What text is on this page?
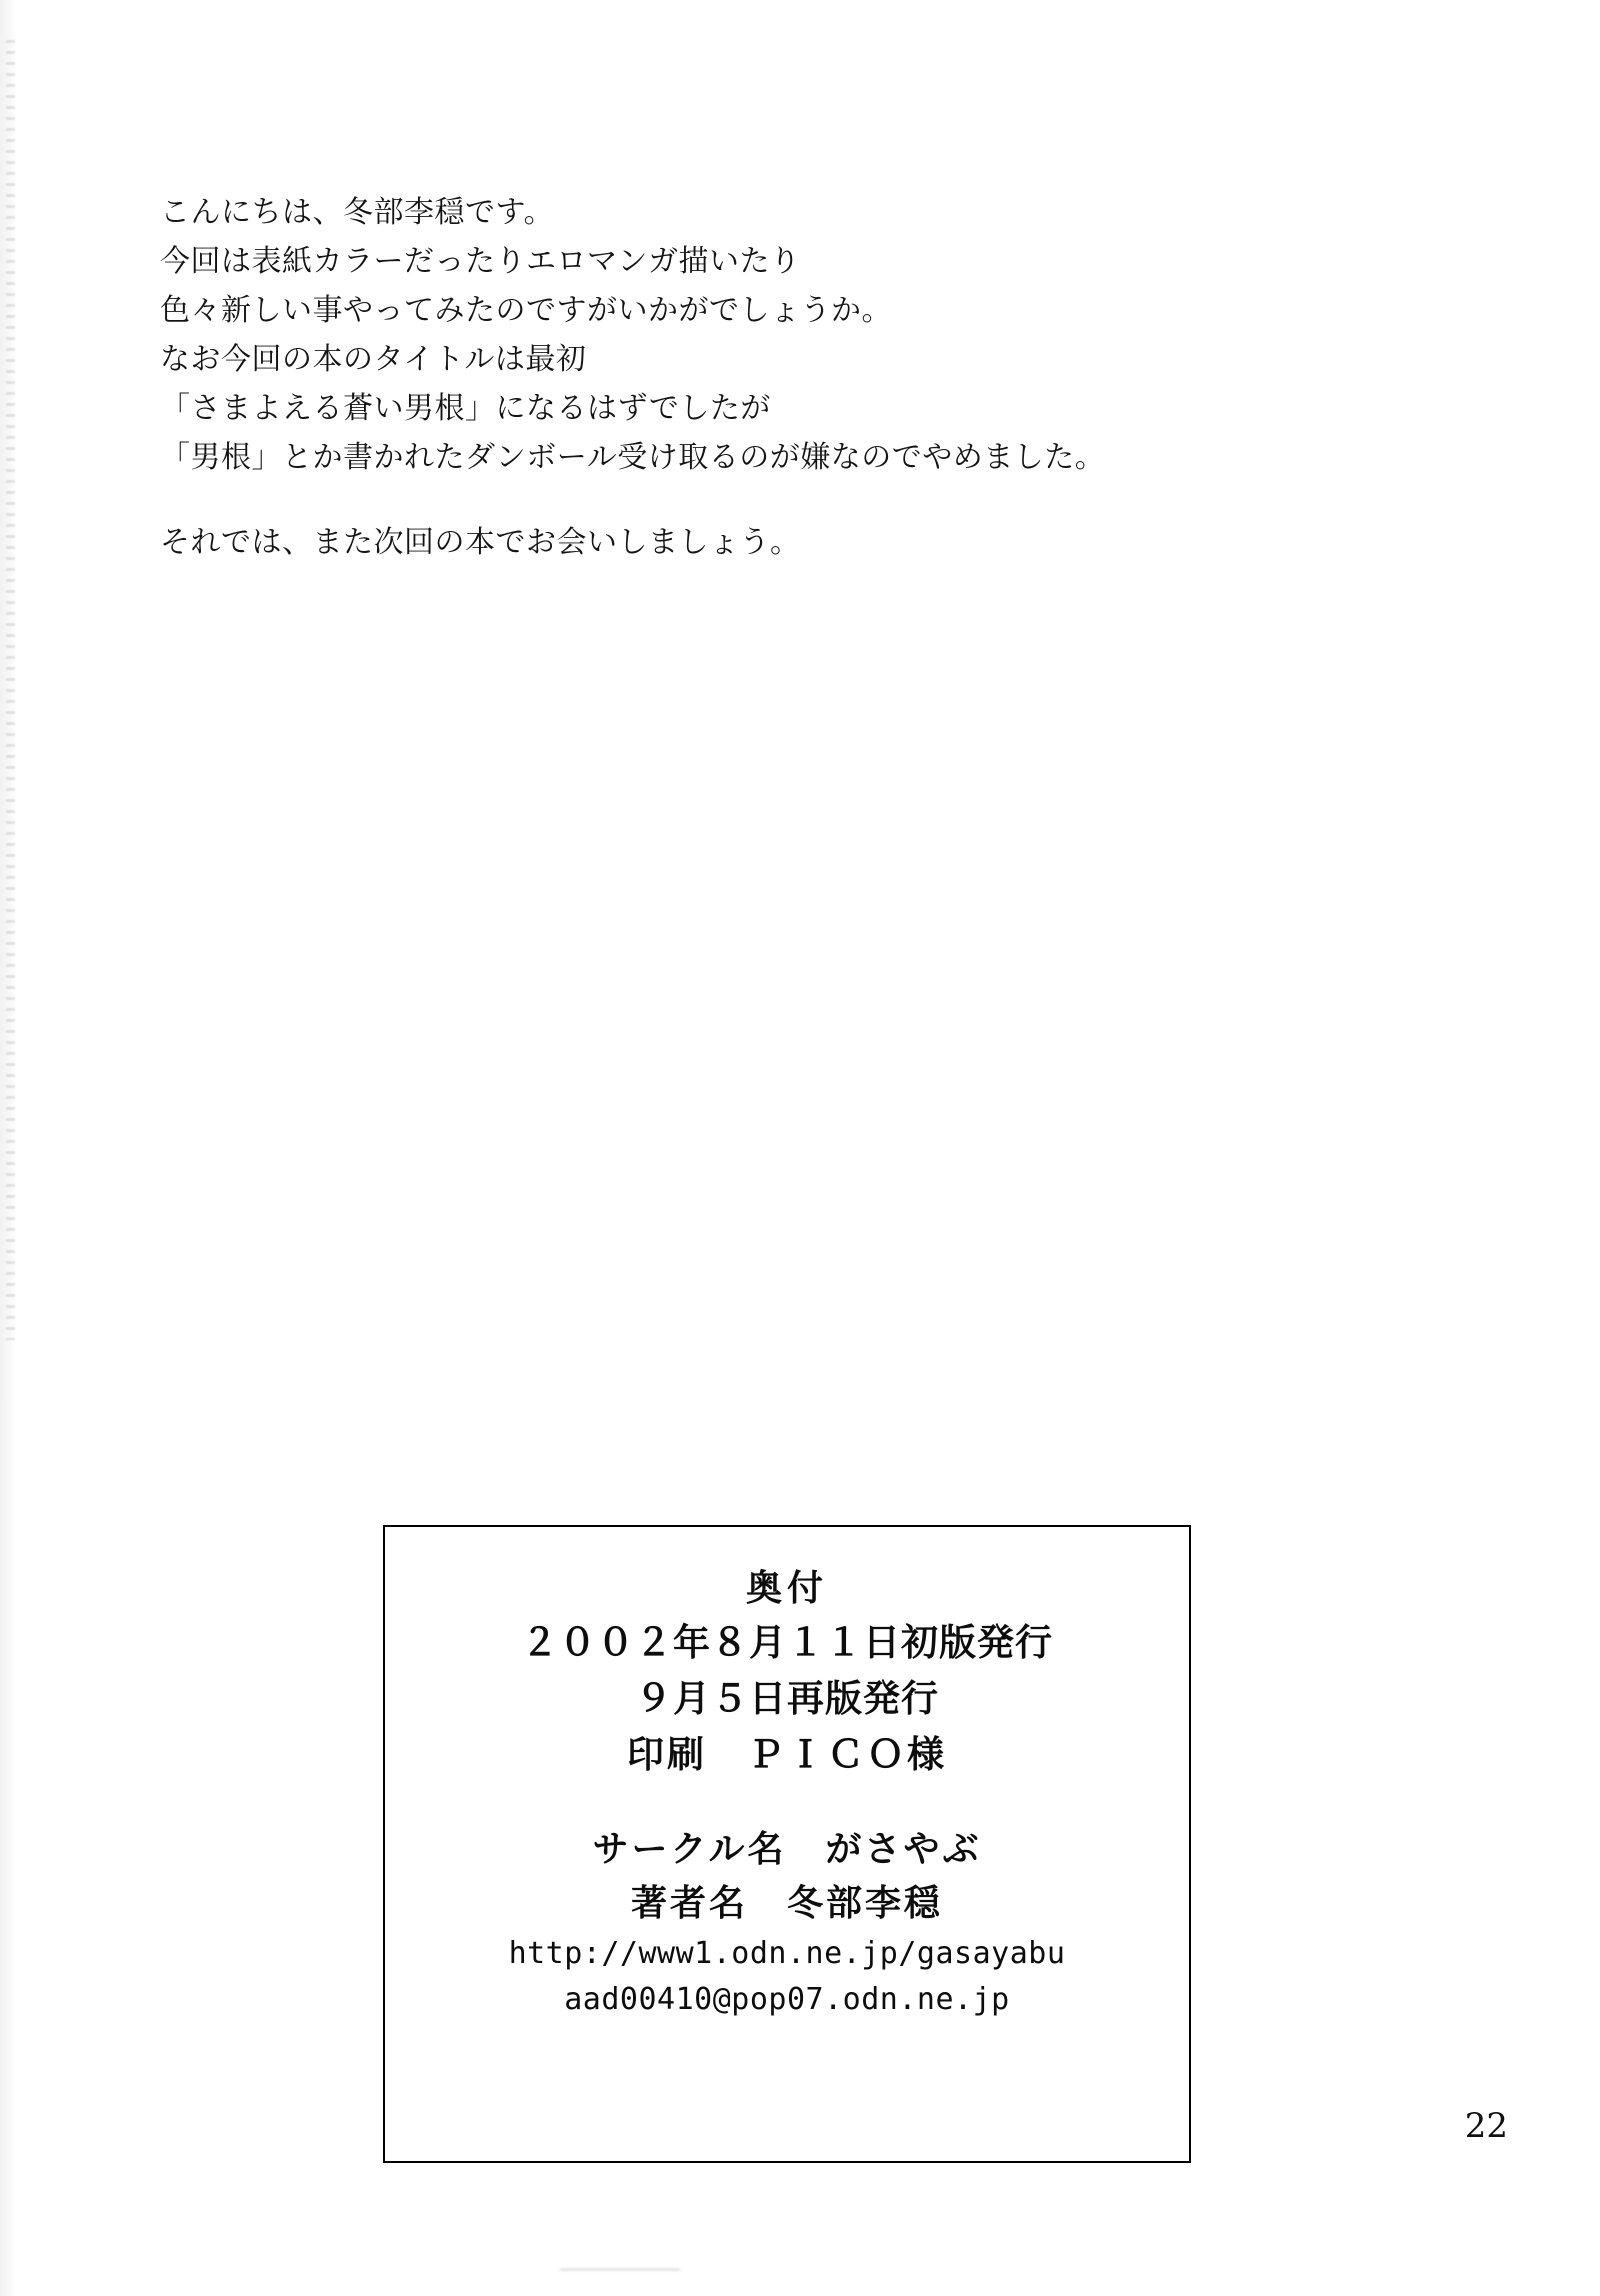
こんにちは、冬部李穏です。
今回は表紙カラーだったりエロマンガ描いたり
色々新しい事やってみたのですがいかがでしょうか。
なお今回の本のタイトルは最初
「さまよえる蒼い男根」になるはずでしたが
「男根」とか書かれたダンボール受け取るのが嫌なのでやめました。
それでは、また次回の本でお会いしましょう。
奥付
２００２年８月１１日初版発行
９月５日再版発行
印刷　ＰＩＣＯ様
サークル名　がさやぶ
著者名　冬部李穏
http://www1.odn.ne.jp/gasayabu
aad00410@pop07.odn.ne.jp
22
